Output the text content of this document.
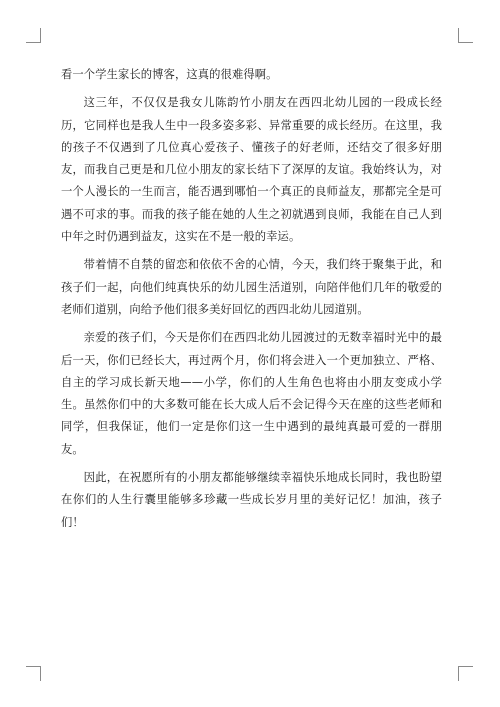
看一个学生家长的博客，这真的很难得啊。

这三年，不仅仅是我女儿陈韵竹小朋友在西四北幼儿园的一段成长经历，它同样也是我人生中一段多姿多彩、异常重要的成长经历。在这里，我的孩子不仅遇到了几位真心爱孩子、懂孩子的好老师，还结交了很多好朋友，而我自己更是和几位小朋友的家长结下了深厚的友谊。我始终认为，对一个人漫长的一生而言，能否遇到哪怕一个真正的良师益友，那都完全是可遇不可求的事。而我的孩子能在她的人生之初就遇到良师，我能在自己人到中年之时仍遇到益友，这实在不是一般的幸运。

带着情不自禁的留恋和依依不舍的心情，今天，我们终于聚集于此，和孩子们一起，向他们纯真快乐的幼儿园生活道别，向陪伴他们几年的敬爱的老师们道别，向给予他们很多美好回忆的西四北幼儿园道别。

亲爱的孩子们，今天是你们在西四北幼儿园渡过的无数幸福时光中的最后一天，你们已经长大，再过两个月，你们将会进入一个更加独立、严格、自主的学习成长新天地——小学，你们的人生角色也将由小朋友变成小学生。虽然你们中的大多数可能在长大成人后不会记得今天在座的这些老师和同学，但我保证，他们一定是你们这一生中遇到的最纯真最可爱的一群朋友。

因此，在祝愿所有的小朋友都能够继续幸福快乐地成长同时，我也盼望在你们的人生行囊里能够多珍藏一些成长岁月里的美好记忆！加油，孩子们！
